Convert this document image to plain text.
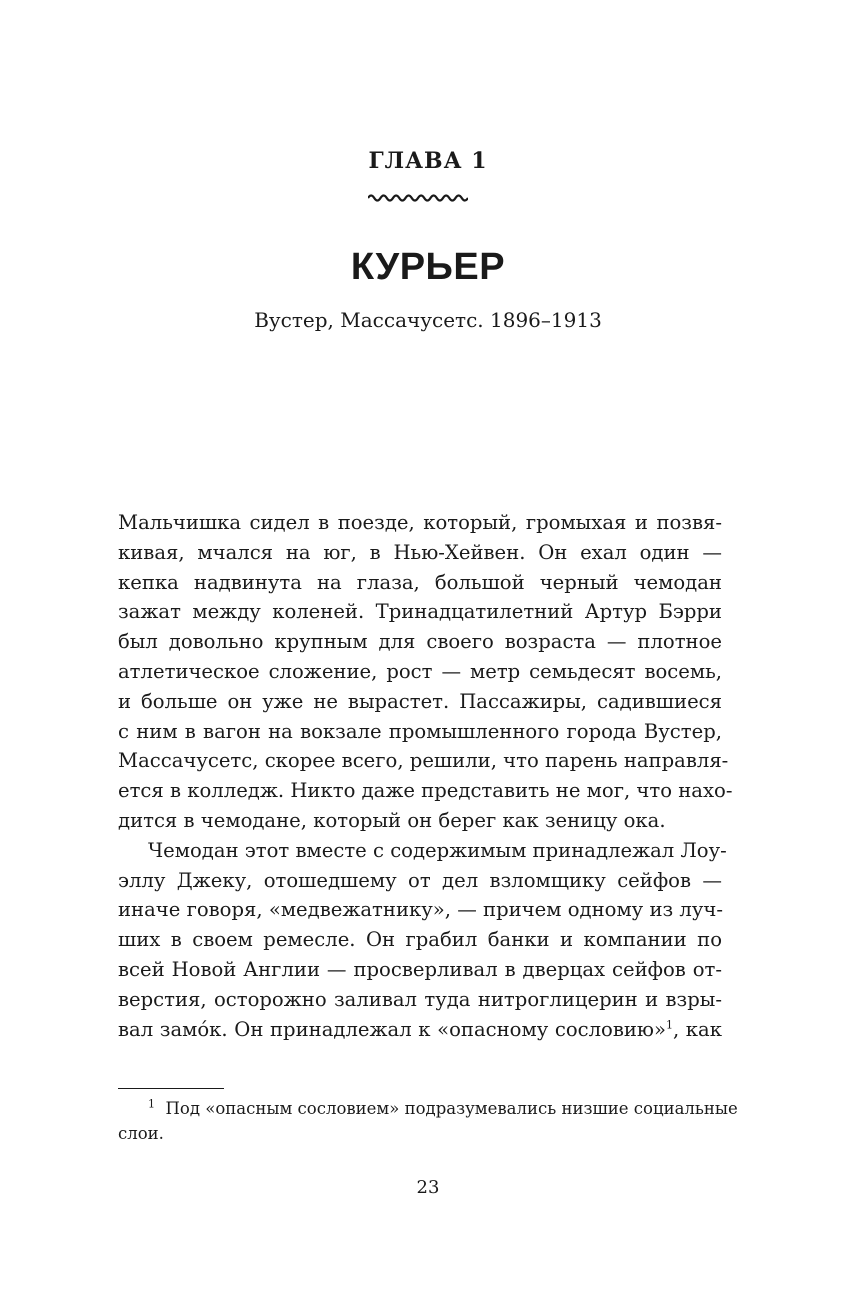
ГЛАВА 1
КУРЬЕР
Вустер, Массачусетс. 1896–1913
Мальчишка сидел в поезде, который, громыхая и позвя-
кивая, мчался на юг, в Нью-Хейвен. Он ехал один —
кепка надвинута на глаза, большой черный чемодан
зажат между коленей. Тринадцатилетний Артур Бэрри
был довольно крупным для своего возраста — плотное
атлетическое сложение, рост — метр семьдесят восемь,
и больше он уже не вырастет. Пассажиры, садившиеся
с ним в вагон на вокзале промышленного города Вустер,
Массачусетс, скорее всего, решили, что парень направля-
ется в колледж. Никто даже представить не мог, что нахо-
дится в чемодане, который он берег как зеницу ока.
Чемодан этот вместе с содержимым принадлежал Лоу-
эллу Джеку, отошедшему от дел взломщику сейфов —
иначе говоря, «медвежатнику», — причем одному из луч-
ших в своем ремесле. Он грабил банки и компании по
всей Новой Англии — просверливал в дверцах сейфов от-
верстия, осторожно заливал туда нитроглицерин и взры-
вал замóк. Он принадлежал к «опасному сословию»$^1$, как
$^1$ Под «опасным сословием» подразумевались низшие социальные
слои.
23
